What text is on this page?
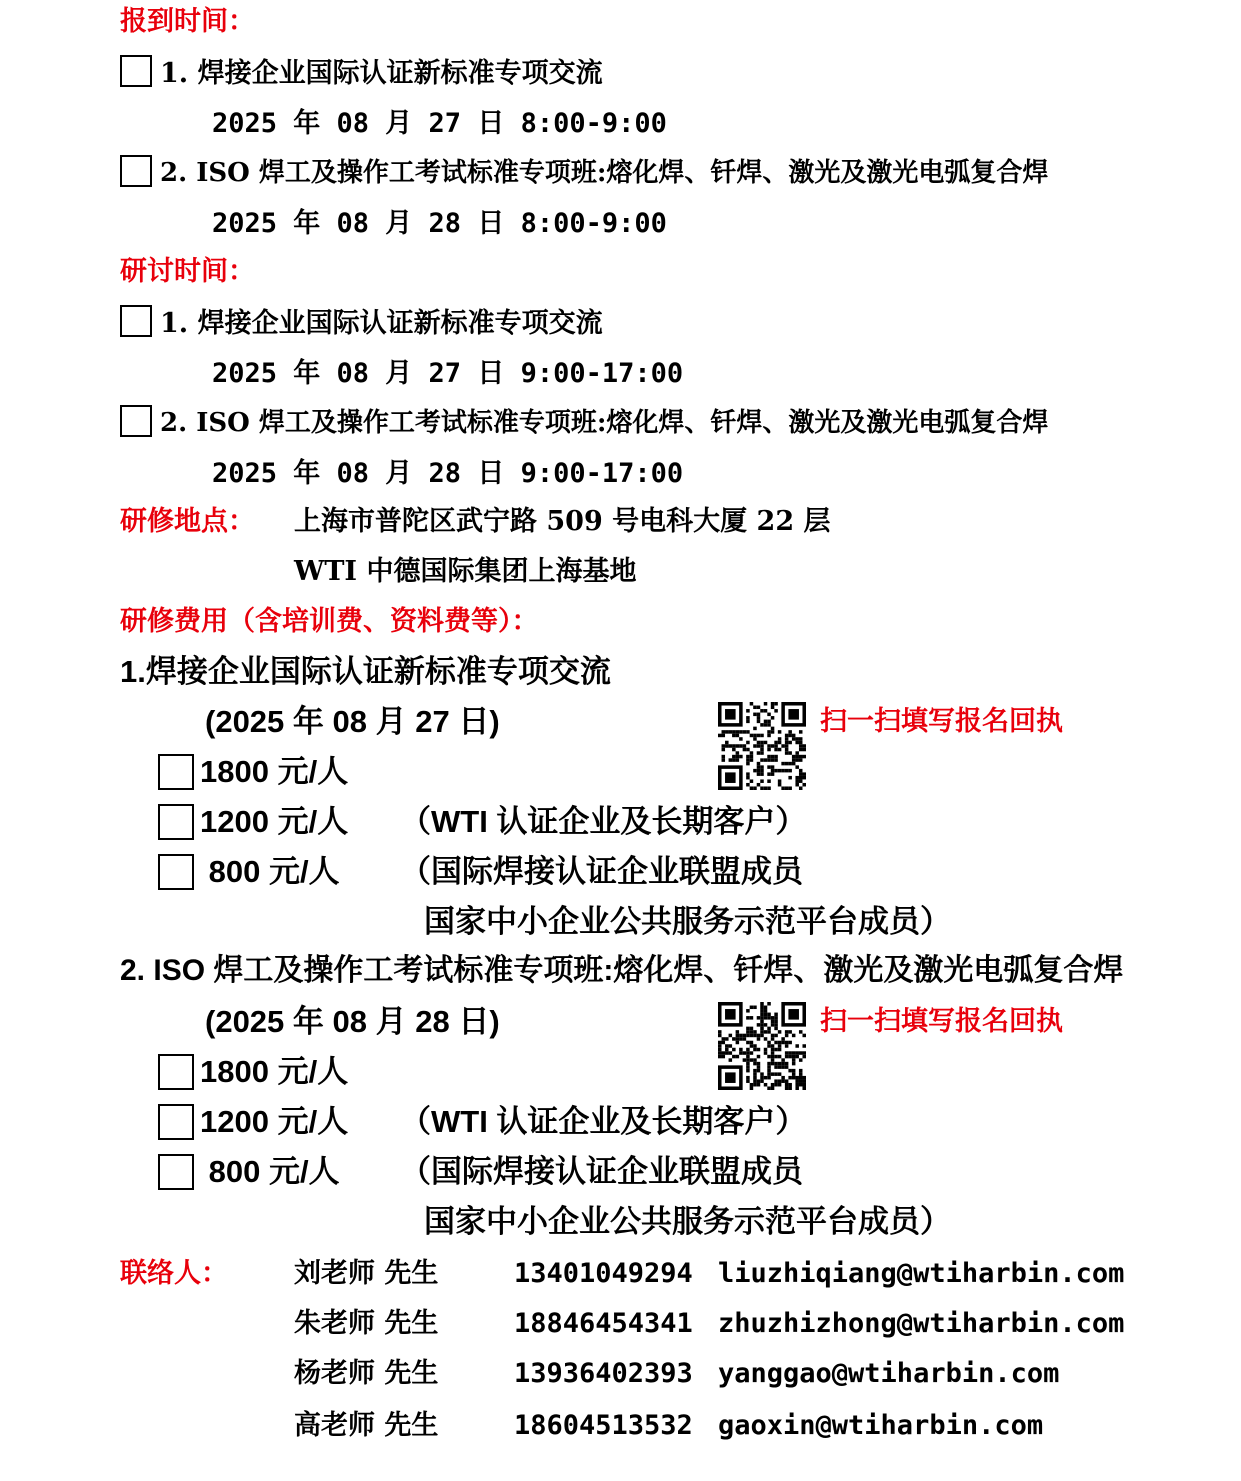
报到时间：
1. 焊接企业国际认证新标准专项交流
2025 年 08 月 27 日 8:00-9:00
2. ISO 焊工及操作工考试标准专项班:熔化焊、钎焊、激光及激光电弧复合焊
2025 年 08 月 28 日 8:00-9:00
研讨时间：
1. 焊接企业国际认证新标准专项交流
2025 年 08 月 27 日 9:00-17:00
2. ISO 焊工及操作工考试标准专项班:熔化焊、钎焊、激光及激光电弧复合焊
2025 年 08 月 28 日 9:00-17:00
研修地点： 上海市普陀区武宁路 509 号电科大厦 22 层
WTI 中德国际集团上海基地
研修费用（含培训费、资料费等）：
1.焊接企业国际认证新标准专项交流
(2025 年 08 月 27 日)	扫一扫填写报名回执
1800 元/人
1200 元/人 （WTI 认证企业及长期客户）
800 元/人 （国际焊接认证企业联盟成员
国家中小企业公共服务示范平台成员）
2. ISO 焊工及操作工考试标准专项班:熔化焊、钎焊、激光及激光电弧复合焊
(2025 年 08 月 28 日)	扫一扫填写报名回执
1800 元/人
1200 元/人 （WTI 认证企业及长期客户）
800 元/人 （国际焊接认证企业联盟成员
国家中小企业公共服务示范平台成员）
联络人： 刘老师 先生	13401049294 liuzhiqiang@wtiharbin.com
朱老师 先生	18846454341 zhuzhizhong@wtiharbin.com
杨老师 先生	13936402393 yanggao@wtiharbin.com
高老师 先生	18604513532 gaoxin@wtiharbin.com
